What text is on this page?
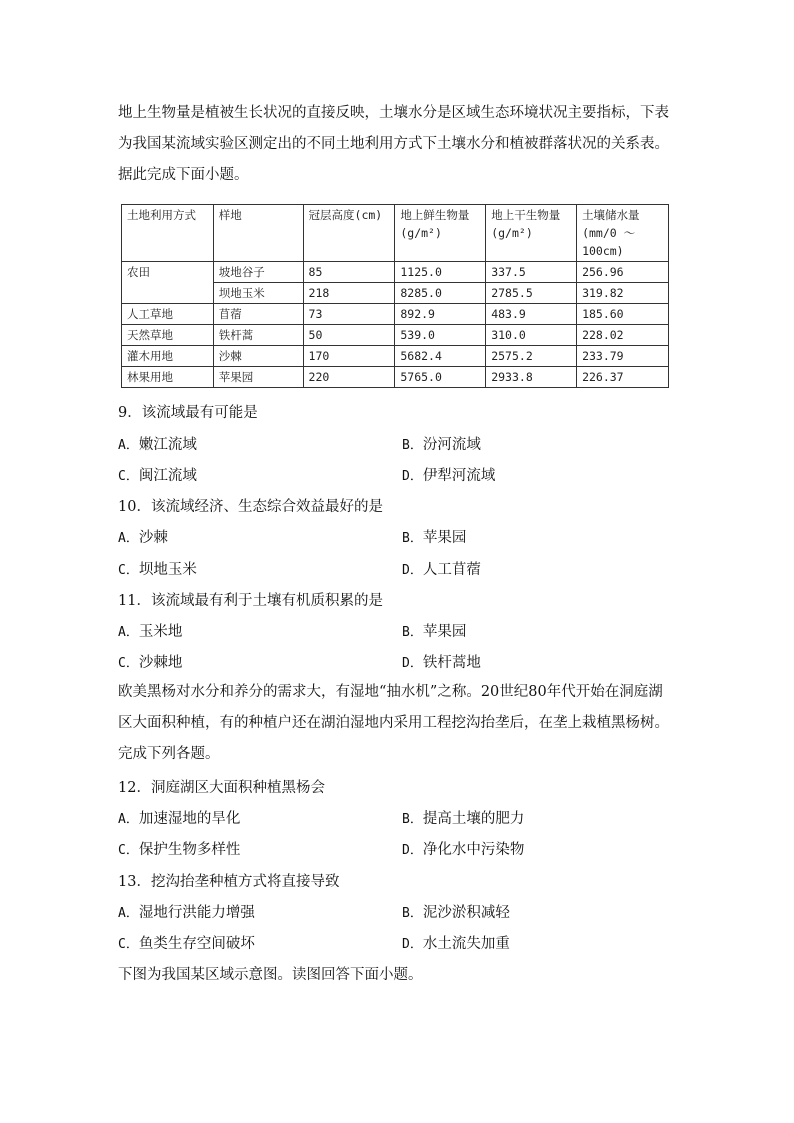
地上生物量是植被生长状况的直接反映，土壤水分是区域生态环境状况主要指标，下表为我国某流域实验区测定出的不同土地利用方式下土壤水分和植被群落状况的关系表。据此完成下面小题。

土地利用方式	样地	冠层高度(cm)	地上鲜生物量(g/m²)	地上干生物量(g/m²)	土壤储水量(mm/0 ～ 100cm)
农田	坡地谷子	85	1125.0	337.5	256.96
	坝地玉米	218	8285.0	2785.5	319.82
人工草地	苜蓿	73	892.9	483.9	185.60
天然草地	铁杆蒿	50	539.0	310.0	228.02
灌木用地	沙棘	170	5682.4	2575.2	233.79
林果用地	苹果园	220	5765.0	2933.8	226.37

9．该流域最有可能是

A．嫩江流域	B．汾河流域
C．闽江流域	D．伊犁河流域

10．该流域经济、生态综合效益最好的是

A．沙棘	B．苹果园
C．坝地玉米	D．人工苜蓿

11．该流域最有利于土壤有机质积累的是

A．玉米地	B．苹果园
C．沙棘地	D．铁杆蒿地

欧美黑杨对水分和养分的需求大，有湿地“抽水机”之称。20世纪80年代开始在洞庭湖区大面积种植，有的种植户还在湖泊湿地内采用工程挖沟抬垄后，在垄上栽植黑杨树。完成下列各题。

12．洞庭湖区大面积种植黑杨会

A．加速湿地的旱化	B．提高土壤的肥力
C．保护生物多样性	D．净化水中污染物

13．挖沟抬垄种植方式将直接导致

A．湿地行洪能力增强	B．泥沙淤积减轻
C．鱼类生存空间破坏	D．水土流失加重

下图为我国某区域示意图。读图回答下面小题。
